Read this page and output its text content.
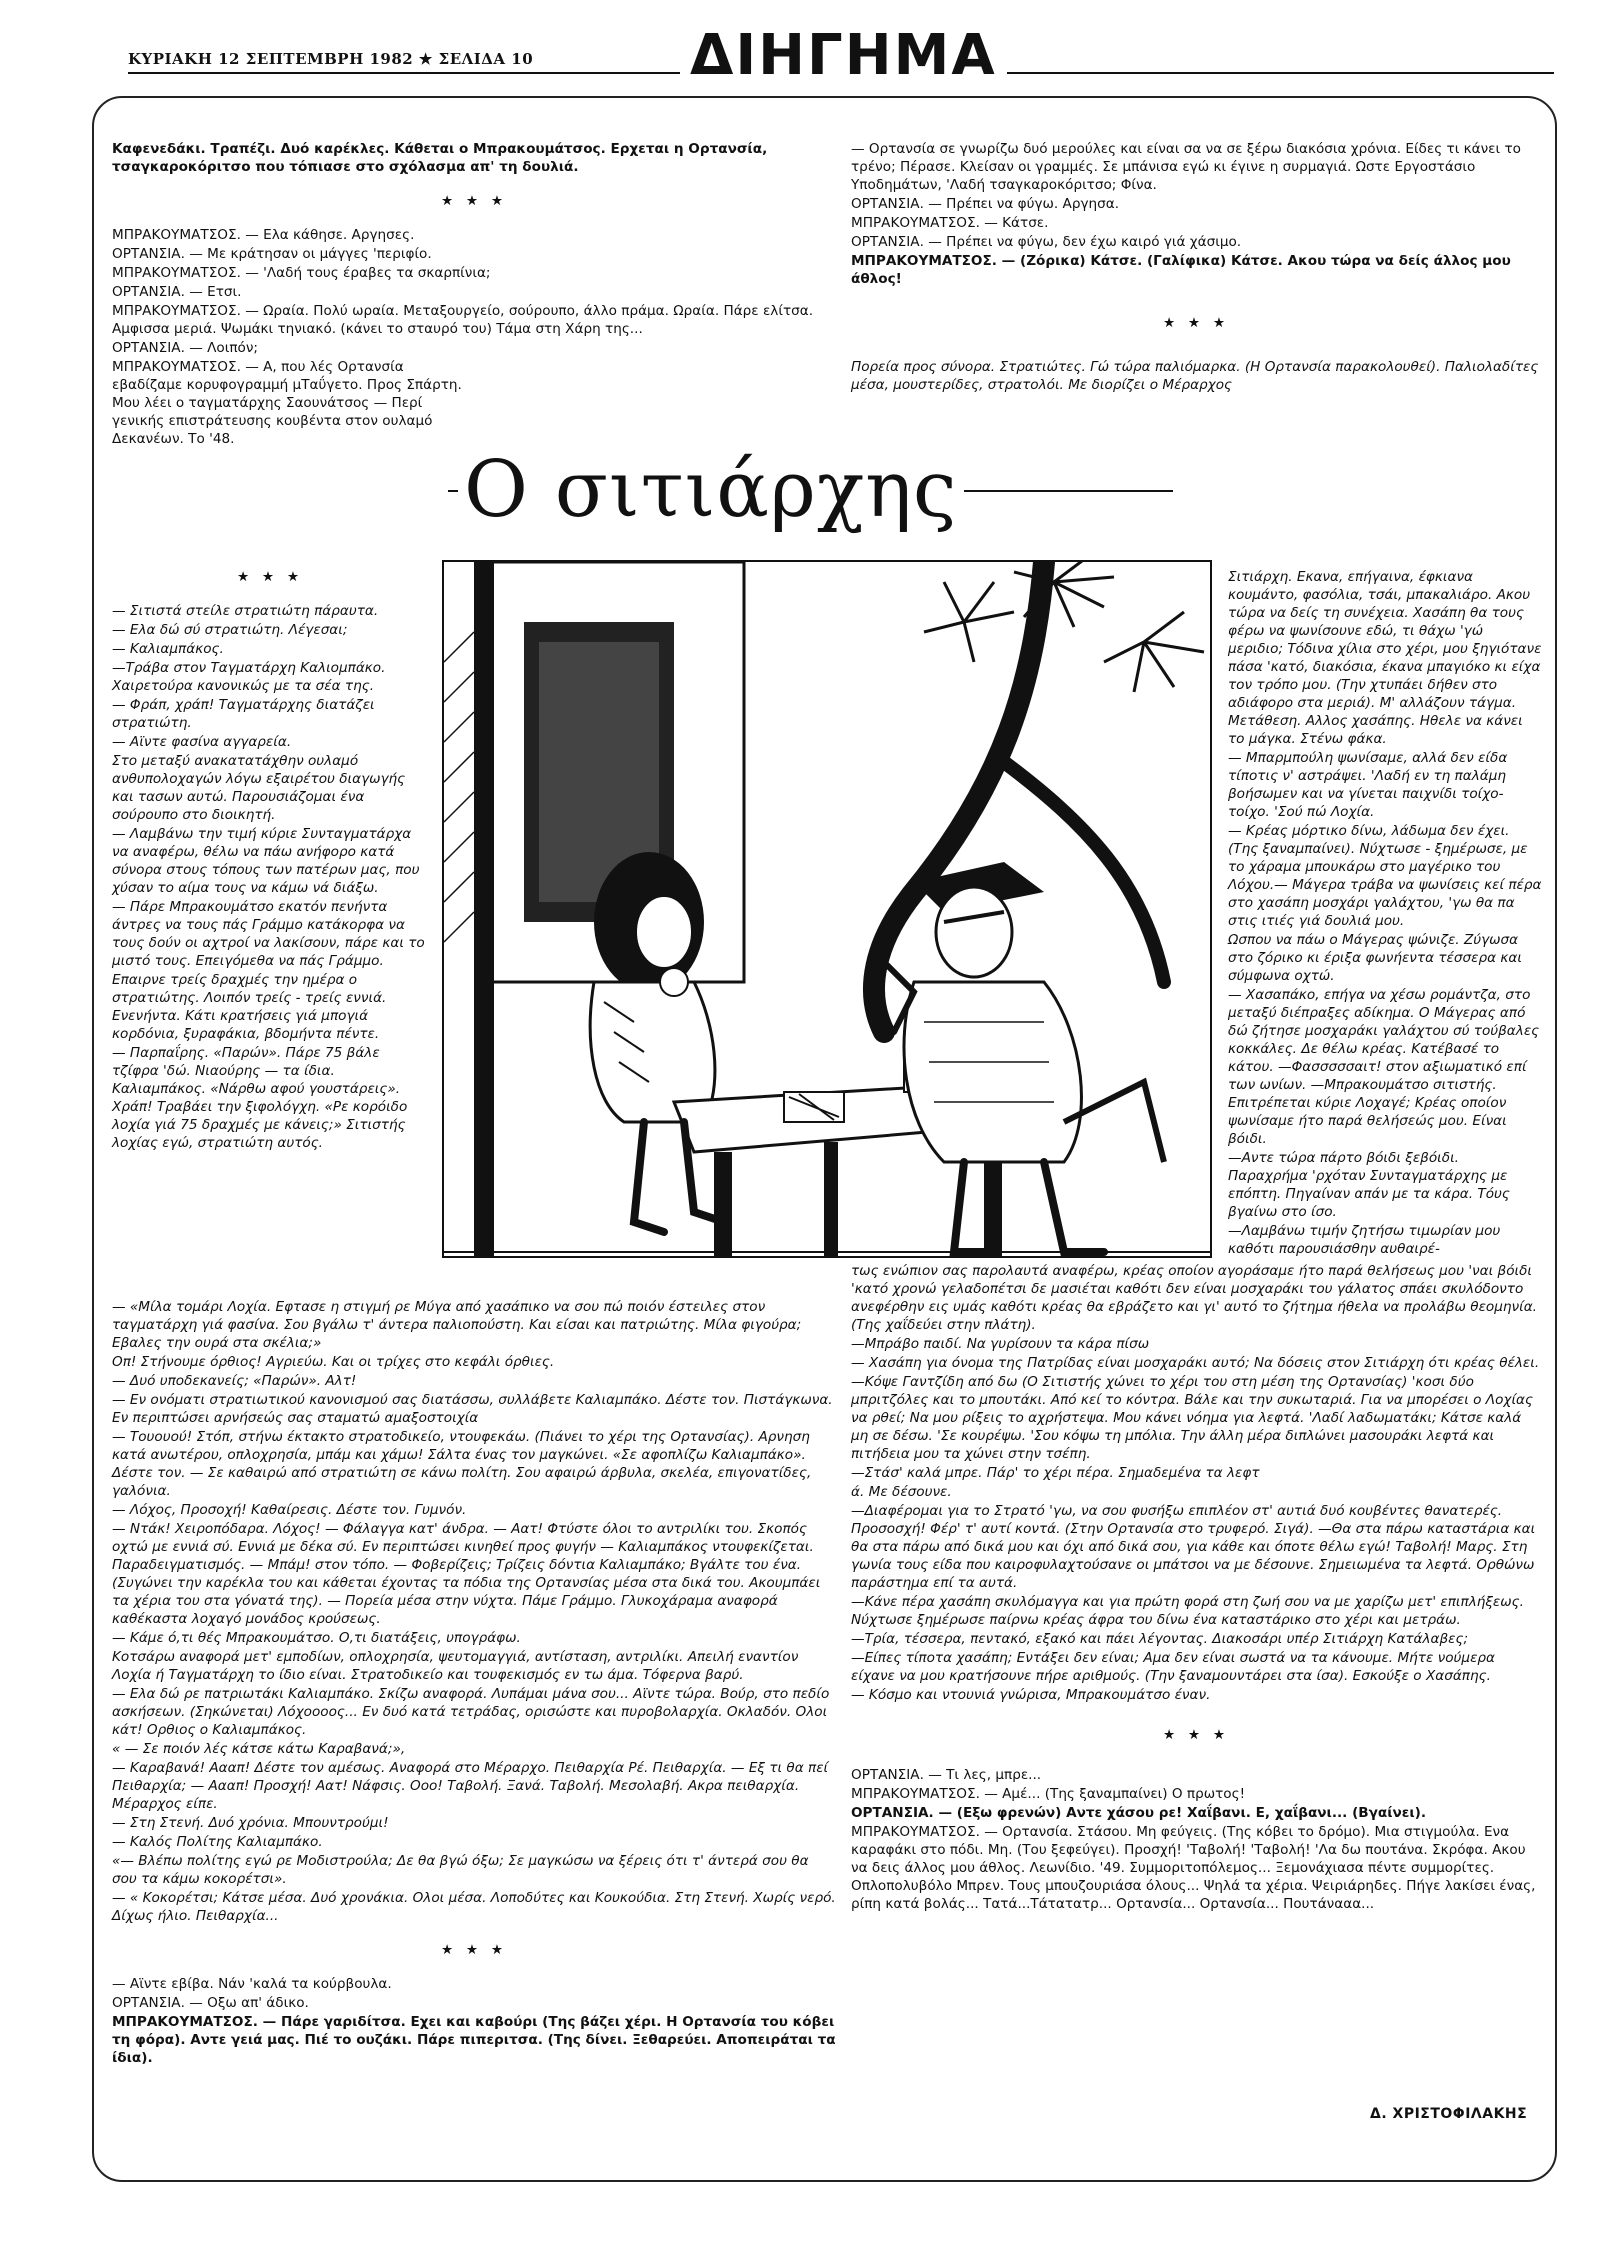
ΚΥΡΙΑΚΗ 12 ΣΕΠΤΕΜΒΡΗ 1982 ★ ΣΕΛΙΔΑ 10	ΔΙΗΓΗΜΑ

Καφενεδάκι. Τραπέζι. Δυό καρέκλες. Κάθεται ο Μπρακουμάτσος. Ερχεται η Ορτανσία, τσαγκαροκόριτσο που τόπιασε στο σχόλασμα απ' τη δουλιά.

★ ★ ★

ΜΠΡΑΚΟΥΜΑΤΣΟΣ. — Ελα κάθησε. Αργησες.

ΟΡΤΑΝΣΙΑ. — Με κράτησαν οι μάγγες 'περιφίο.

ΜΠΡΑΚΟΥΜΑΤΣΟΣ. — 'Λαδή τους έραβες τα σκαρπίνια;

ΟΡΤΑΝΣΙΑ. — Ετσι.

ΜΠΡΑΚΟΥΜΑΤΣΟΣ. — Ωραία. Πολύ ωραία. Μεταξουργείο, σούρουπο, άλλο πράμα. Ωραία. Πάρε ελίτσα. Αμφισσα μεριά. Ψωμάκι τηνιακό. (κάνει το σταυρό του) Τάμα στη Χάρη της...

ΟΡΤΑΝΣΙΑ. — Λοιπόν;

ΜΠΡΑΚΟΥΜΑΤΣΟΣ. — Α, που λές Ορτανσία εβαδίζαμε κορυφογραμμή μΤαΰγετο. Προς Σπάρτη. Μου λέει ο ταγματάρχης Σαουνάτσος — Περί γενικής επιστράτευσης κουβέντα στον ουλαμό Δεκανέων. Το '48.

— Ορτανσία σε γνωρίζω δυό μερούλες και είναι σα να σε ξέρω διακόσια χρόνια. Είδες τι κάνει το τρένο; Πέρασε. Κλείσαν οι γραμμές. Σε μπάνισα εγώ κι έγινε η συρμαγιά. Ωστε Εργοστάσιο Υποδημάτων, 'Λαδή τσαγκαροκόριτσο; Φίνα.

ΟΡΤΑΝΣΙΑ. — Πρέπει να φύγω. Αργησα.

ΜΠΡΑΚΟΥΜΑΤΣΟΣ. — Κάτσε.

ΟΡΤΑΝΣΙΑ. — Πρέπει να φύγω, δεν έχω καιρό γιά χάσιμο.

ΜΠΡΑΚΟΥΜΑΤΣΟΣ. — (Ζόρικα) Κάτσε. (Γαλίφικα) Κάτσε. Ακου τώρα να δείς άλλος μου άθλος!

★ ★ ★

Πορεία προς σύνορα. Στρατιώτες. Γώ τώρα παλιόμαρκα. (Η Ορτανσία παρακολουθεί). Παλιολαδίτες μέσα, μουστερίδες, στρατολόι. Με διορίζει ο Μέραρχος

Ο σιτιάρχης
★ ★ ★

— Σιτιστά στείλε στρατιώτη πάραυτα.

— Ελα δώ σύ στρατιώτη. Λέγεσαι;

— Καλιαμπάκος.

—Τράβα στον Ταγματάρχη Καλιομπάκο. Χαιρετούρα κανονικώς με τα σέα της.

— Φράπ, χράπ! Ταγματάρχης διατάζει στρατιώτη.

— Αϊντε φασίνα αγγαρεία.

Στο μεταξύ ανακατατάχθην ουλαμό ανθυπολοχαγών λόγω εξαιρέτου διαγωγής και τασων αυτώ. Παρουσιάζομαι ένα σούρουπο στο διοικητή.

— Λαμβάνω την τιμή κύριε Συνταγματάρχα να αναφέρω, θέλω να πάω ανήφορο κατά σύνορα στους τόπους των πατέρων μας, που χύσαν το αίμα τους να κάμω νά διάξω.

— Πάρε Μπρακουμάτσο εκατόν πενήντα άντρες να τους πάς Γράμμο κατάκορφα να τους δούν οι αχτροί να λακίσουν, πάρε και το μιστό τους. Επειγόμεθα να πάς Γράμμο.

Επαιρνε τρείς δραχμές την ημέρα ο στρατιώτης. Λοιπόν τρείς - τρείς εννιά. Ενενήντα. Κάτι κρατήσεις γιά μπογιά κορδόνια, ξυραφάκια, βδομήντα πέντε.

— Παρπαΐρης. «Παρών». Πάρε 75 βάλε τζίφρα 'δώ. Νιαούρης — τα ίδια. Καλιαμπάκος. «Νάρθω αφού γουστάρεις». Χράπ! Τραβάει την ξιφολόγχη. «Ρε κορόιδο λοχία γιά 75 δραχμές με κάνεις;» Σιτιστής λοχίας εγώ, στρατιώτη αυτός.

Σιτιάρχη. Εκανα, επήγαινα, έφκιανα κουμάντο, φασόλια, τσάι, μπακαλιάρο. Ακου τώρα να δείς τη συνέχεια. Χασάπη θα τους φέρω να ψωνίσουνε εδώ, τι θάχω 'γώ μεριδιο; Τόδινα χίλια στο χέρι, μου ξηγιότανε πάσα 'κατό, διακόσια, έκανα μπαγιόκο κι είχα τον τρόπο μου. (Την χτυπάει δήθεν στο αδιάφορο στα μεριά). Μ' αλλάζουν τάγμα. Μετάθεση. Αλλος χασάπης. Ηθελε να κάνει το μάγκα. Στένω φάκα.

— Μπαρμπούλη ψωνίσαμε, αλλά δεν είδα τίποτις ν' αστράψει. 'Λαδή εν τη παλάμη βοήσωμεν και να γίνεται παιχνίδι τοίχο-τοίχο. 'Σού πώ Λοχία.

— Κρέας μόρτικο δίνω, λάδωμα δεν έχει. (Της ξαναμπαίνει). Νύχτωσε - ξημέρωσε, με το χάραμα μπουκάρω στο μαγέρικο του Λόχου.— Μάγερα τράβα να ψωνίσεις κεί πέρα στο χασάπη μοσχάρι γαλάχτου, 'γω θα πα στις ιτιές γιά δουλιά μου.

Ωσπου να πάω ο Μάγερας ψώνιζε. Ζύγωσα στο ζόρικο κι έριξα φωνήεντα τέσσερα και σύμφωνα οχτώ.

— Χασαπάκο, επήγα να χέσω ρομάντζα, στο μεταξύ διέπραξες αδίκημα. Ο Μάγερας από δώ ζήτησε μοσχαράκι γαλάχτου σύ τούβαλες κοκκάλες. Δε θέλω κρέας. Κατέβασέ το κάτου. —Φασσσσσαιτ! στον αξιωματικό επί των ωνίων. —Μπρακουμάτσο σιτιστής. Επιτρέπεται κύριε Λοχαγέ; Κρέας οποίον ψωνίσαμε ήτο παρά θελήσεώς μου. Είναι βόιδι.

—Αντε τώρα πάρτο βόιδι ξεβόιδι. Παραχρήμα 'ρχόταν Συνταγματάρχης με επόπτη. Πηγαίναν απάν με τα κάρα. Τόυς βγαίνω στο ίσο.

—Λαμβάνω τιμήν ζητήσω τιμωρίαν μου καθότι παρουσιάσθην αυθαιρέ-

— «Μίλα τομάρι Λοχία. Εφτασε η στιγμή ρε Μύγα από χασάπικο να σου πώ ποιόν έστειλες στον ταγματάρχη γιά φασίνα. Σου βγάλω τ' άντερα παλιοπούστη. Και είσαι και πατριώτης. Μίλα φιγούρα; Εβαλες την ουρά στα σκέλια;»

Οπ! Στήνουμε όρθιος! Αγριεύω. Και οι τρίχες στο κεφάλι όρθιες.

— Δυό υποδεκανείς; «Παρών». Αλτ!

— Εν ονόματι στρατιωτικού κανονισμού σας διατάσσω, συλλάβετε Καλιαμπάκο. Δέστε τον. Πιστάγκωνα. Εν περιπτώσει αρνήσεώς σας σταματώ αμαξοστοιχία

— Τουουού! Στόπ, στήνω έκτακτο στρατοδικείο, ντουφεκάω. (Πιάνει το χέρι της Ορτανσίας). Αρνηση κατά ανωτέρου, οπλοχρησία, μπάμ και χάμω! Σάλτα ένας τον μαγκώνει. «Σε αφοπλίζω Καλιαμπάκο». Δέστε τον. — Σε καθαιρώ από στρατιώτη σε κάνω πολίτη. Σου αφαιρώ άρβυλα, σκελέα, επιγονατίδες, γαλόνια.

— Λόχος, Προσοχή! Καθαίρεσις. Δέστε τον. Γυμνόν.

— Ντάκ! Χειροπόδαρα. Λόχος! — Φάλαγγα κατ' άνδρα. — Αατ! Φτύστε όλοι το αντριλίκι του. Σκοπός οχτώ με εννιά σύ. Εννιά με δέκα σύ. Εν περιπτώσει κινηθεί προς φυγήν — Καλιαμπάκος ντουφεκίζεται. Παραδειγματισμός. — Μπάμ! στον τόπο. — Φοβερίζεις; Τρίζεις δόντια Καλιαμπάκο; Βγάλτε του ένα. (Συγώνει την καρέκλα του και κάθεται έχοντας τα πόδια της Ορτανσίας μέσα στα δικά του. Ακουμπάει τα χέρια του στα γόνατά της). — Πορεία μέσα στην νύχτα. Πάμε Γράμμο. Γλυκοχάραμα αναφορά καθέκαστα λοχαγό μονάδος κρούσεως.

— Κάμε ό,τι θές Μπρακουμάτσο. Ο,τι διατάξεις, υπογράφω.

Κοτσάρω αναφορά μετ' εμποδίων, οπλοχρησία, ψευτομαγγιά, αντίσταση, αντριλίκι. Απειλή εναντίον Λοχία ή Ταγματάρχη το ίδιο είναι. Στρατοδικείο και τουφεκισμός εν τω άμα. Τόφερνα βαρύ.

— Ελα δώ ρε πατριωτάκι Καλιαμπάκο. Σκίζω αναφορά. Λυπάμαι μάνα σου... Αϊντε τώρα. Βούρ, στο πεδίο ασκήσεων. (Σηκώνεται) Λόχοοοος... Εν δυό κατά τετράδας, ορισώστε και πυροβολαρχία. Οκλαδόν. Ολοι κάτ! Ορθιος ο Καλιαμπάκος.

« — Σε ποιόν λές κάτσε κάτω Καραβανά;»,

— Καραβανά! Αααπ! Δέστε τον αμέσως. Αναφορά στο Μέραρχο. Πειθαρχία Ρέ. Πειθαρχία. — Εξ τι θα πεί Πειθαρχία; — Αααπ! Προσχή! Αατ! Νάφσις. Οοο! Ταβολή. Ξανά. Ταβολή. Μεσολαβή. Ακρα πειθαρχία. Μέραρχος είπε.

— Στη Στενή. Δυό χρόνια. Μπουντρούμι!

— Καλός Πολίτης Καλιαμπάκο.

«— Βλέπω πολίτης εγώ ρε Μοδιστρούλα; Δε θα βγώ όξω; Σε μαγκώσω να ξέρεις ότι τ' άντερά σου θα σου τα κάμω κοκορέτσι».

— « Κοκορέτσι; Κάτσε μέσα. Δυό χρονάκια. Ολοι μέσα. Λοποδύτες και Κουκούδια. Στη Στενή. Χωρίς νερό. Δίχως ήλιο. Πειθαρχία...

★ ★ ★

— Αϊντε εβίβα. Νάν 'καλά τα κούρβουλα.

ΟΡΤΑΝΣΙΑ. — Οξω απ' άδικο.

ΜΠΡΑΚΟΥΜΑΤΣΟΣ. — Πάρε γαριδίτσα. Εχει και καβούρι (Της βάζει χέρι. Η Ορτανσία του κόβει τη φόρα). Αντε γειά μας. Πιέ το ουζάκι. Πάρε πιπεριτσα. (Της δίνει. Ξεθαρεύει. Αποπειράται τα ίδια).

τως ενώπιον σας παρολαυτά αναφέρω, κρέας οποίον αγοράσαμε ήτο παρά θελήσεως μου 'ναι βόιδι 'κατό χρονώ γελαδοπέτσι δε μασιέται καθότι δεν είναι μοσχαράκι του γάλατος σπάει σκυλόδοντο ανεφέρθην εις υμάς καθότι κρέας θα εβράζετο και γι' αυτό το ζήτημα ήθελα να προλάβω θεομηνία. (Της χαΐδεύει στην πλάτη).

—Μπράβο παιδί. Να γυρίσουν τα κάρα πίσω

— Χασάπη για όνομα της Πατρίδας είναι μοσχαράκι αυτό; Να δόσεις στον Σιτιάρχη ότι κρέας θέλει.

—Κόψε Γαντζίδη από δω (Ο Σιτιστής χώνει το χέρι του στη μέση της Ορτανσίας) 'κοσι δύο μπριτζόλες και το μπουτάκι. Από κεί το κόντρα. Βάλε και την συκωταριά. Για να μπορέσει ο Λοχίας να ρθεί; Να μου ρίξεις το αχρήστεψα. Μου κάνει νόημα για λεφτά. 'Λαδί λαδωματάκι; Κάτσε καλά μη σε δέσω. 'Σε κουρέψω. 'Σου κόψω τη μπόλια. Την άλλη μέρα διπλώνει μασουράκι λεφτά και πιτήδεια μου τα χώνει στην τσέπη.

—Στάσ' καλά μπρε. Πάρ' το χέρι πέρα. Σημαδεμένα τα λεφτ

ά. Με δέσουνε.

—Διαφέρομαι για το Στρατό 'γω, να σου φυσήξω επιπλέον στ' αυτιά δυό κουβέντες θανατερές. Προσοσχή! Φέρ' τ' αυτί κοντά. (Στην Ορτανσία στο τρυφερό. Σιγά). —Θα στα πάρω καταστάρια και θα στα πάρω από δικά μου και όχι από δικά σου, για κάθε και όποτε θέλω εγώ! Ταβολή! Μαρς. Στη γωνία τους είδα που καιροφυλαχτούσανε οι μπάτσοι να με δέσουνε. Σημειωμένα τα λεφτά. Ορθώνω παράστημα επί τα αυτά.

—Κάνε πέρα χασάπη σκυλόμαγγα και για πρώτη φορά στη ζωή σου να με χαρίζω μετ' επιπλήξεως. Νύχτωσε ξημέρωσε παίρνω κρέας άφρα του δίνω ένα καταστάρικο στο χέρι και μετράω.

—Τρία, τέσσερα, πεντακό, εξακό και πάει λέγοντας. Διακοσάρι υπέρ Σιτιάρχη Κατάλαβες;

—Είπες τίποτα χασάπη; Εντάξει δεν είναι; Αμα δεν είναι σωστά να τα κάνουμε. Μήτε νούμερα είχανε να μου κρατήσουνε πήρε αριθμούς. (Την ξαναμουντάρει στα ίσα). Εσκούξε ο Χασάπης.

— Κόσμο και ντουνιά γνώρισα, Μπρακουμάτσο έναν.

★ ★ ★

ΟΡΤΑΝΣΙΑ. — Τι λες, μπρε...

ΜΠΡΑΚΟΥΜΑΤΣΟΣ. — Αμέ... (Της ξαναμπαίνει) Ο πρωτος!

ΟΡΤΑΝΣΙΑ. — (Εξω φρενών) Αντε χάσου ρε! Χαΐβανι. Ε, χαΐβανι... (Βγαίνει).

ΜΠΡΑΚΟΥΜΑΤΣΟΣ. — Ορτανσία. Στάσου. Μη φεύγεις. (Της κόβει το δρόμο). Μια στιγμούλα. Ενα καραφάκι στο πόδι. Μη. (Του ξεφεύγει). Προσχή! 'Ταβολή! 'Ταβολή! 'Λα δω πουτάνα. Σκρόφα. Ακου να δεις άλλος μου άθλος. Λεωνίδιο. '49. Συμμοριτοπόλεμος... Ξεμονάχιασα πέντε συμμορίτες. Οπλοπολυβόλο Μπρεν. Τους μπουζουριάσα όλους... Ψηλά τα χέρια. Ψειριάρηδες. Πήγε λακίσει ένας, ρίπη κατά βολάς... Τατά...Τάτατατρ... Ορτανσία... Ορτανσία... Πουτάνααα...

Δ. ΧΡΙΣΤΟΦΙΛΑΚΗΣ
